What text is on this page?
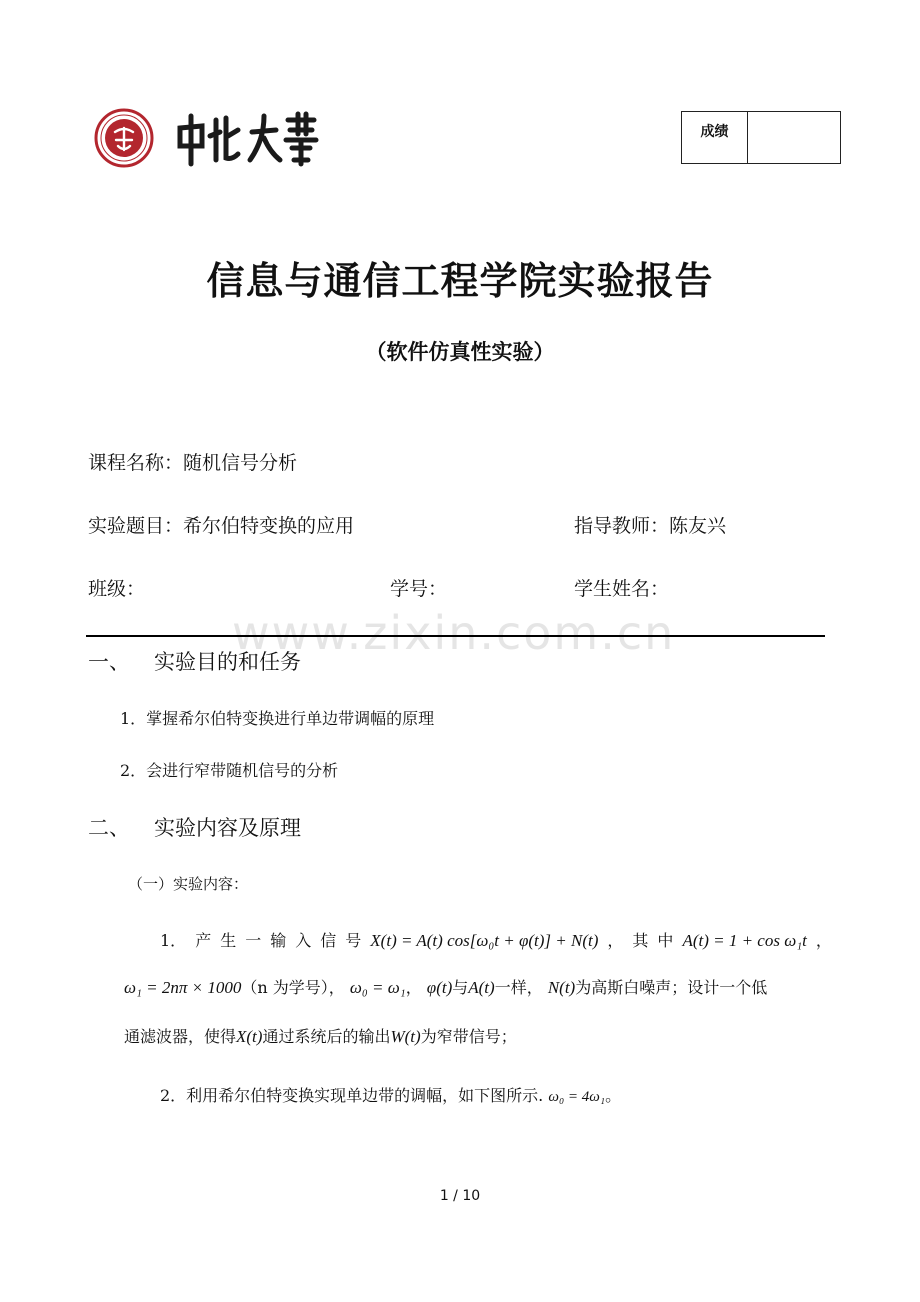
成绩
信息与通信工程学院实验报告
（软件仿真性实验）
课程名称：随机信号分析
实验题目：希尔伯特变换的应用	指导教师：陈友兴
班级：	学号：	学生姓名：
www.zixin.com.cn
一、 实验目的和任务
1．掌握希尔伯特变换进行单边带调幅的原理
2．会进行窄带随机信号的分析
二、 实验内容及原理
（一）实验内容：
1． 产 生 一 输 入 信 号 X(t) = A(t) cos[ω₀t + φ(t)] + N(t) ， 其 中 A(t) = 1 + cos ω₁t ，
ω₁ = 2nπ × 1000（n 为学号）， ω₀ = ω₁， φ(t)与A(t)一样， N(t)为高斯白噪声；设计一个低
通滤波器，使得X(t)通过系统后的输出W(t)为窄带信号；
2．利用希尔伯特变换实现单边带的调幅，如下图所示. ω₀ = 4ω₁。
1 / 10
